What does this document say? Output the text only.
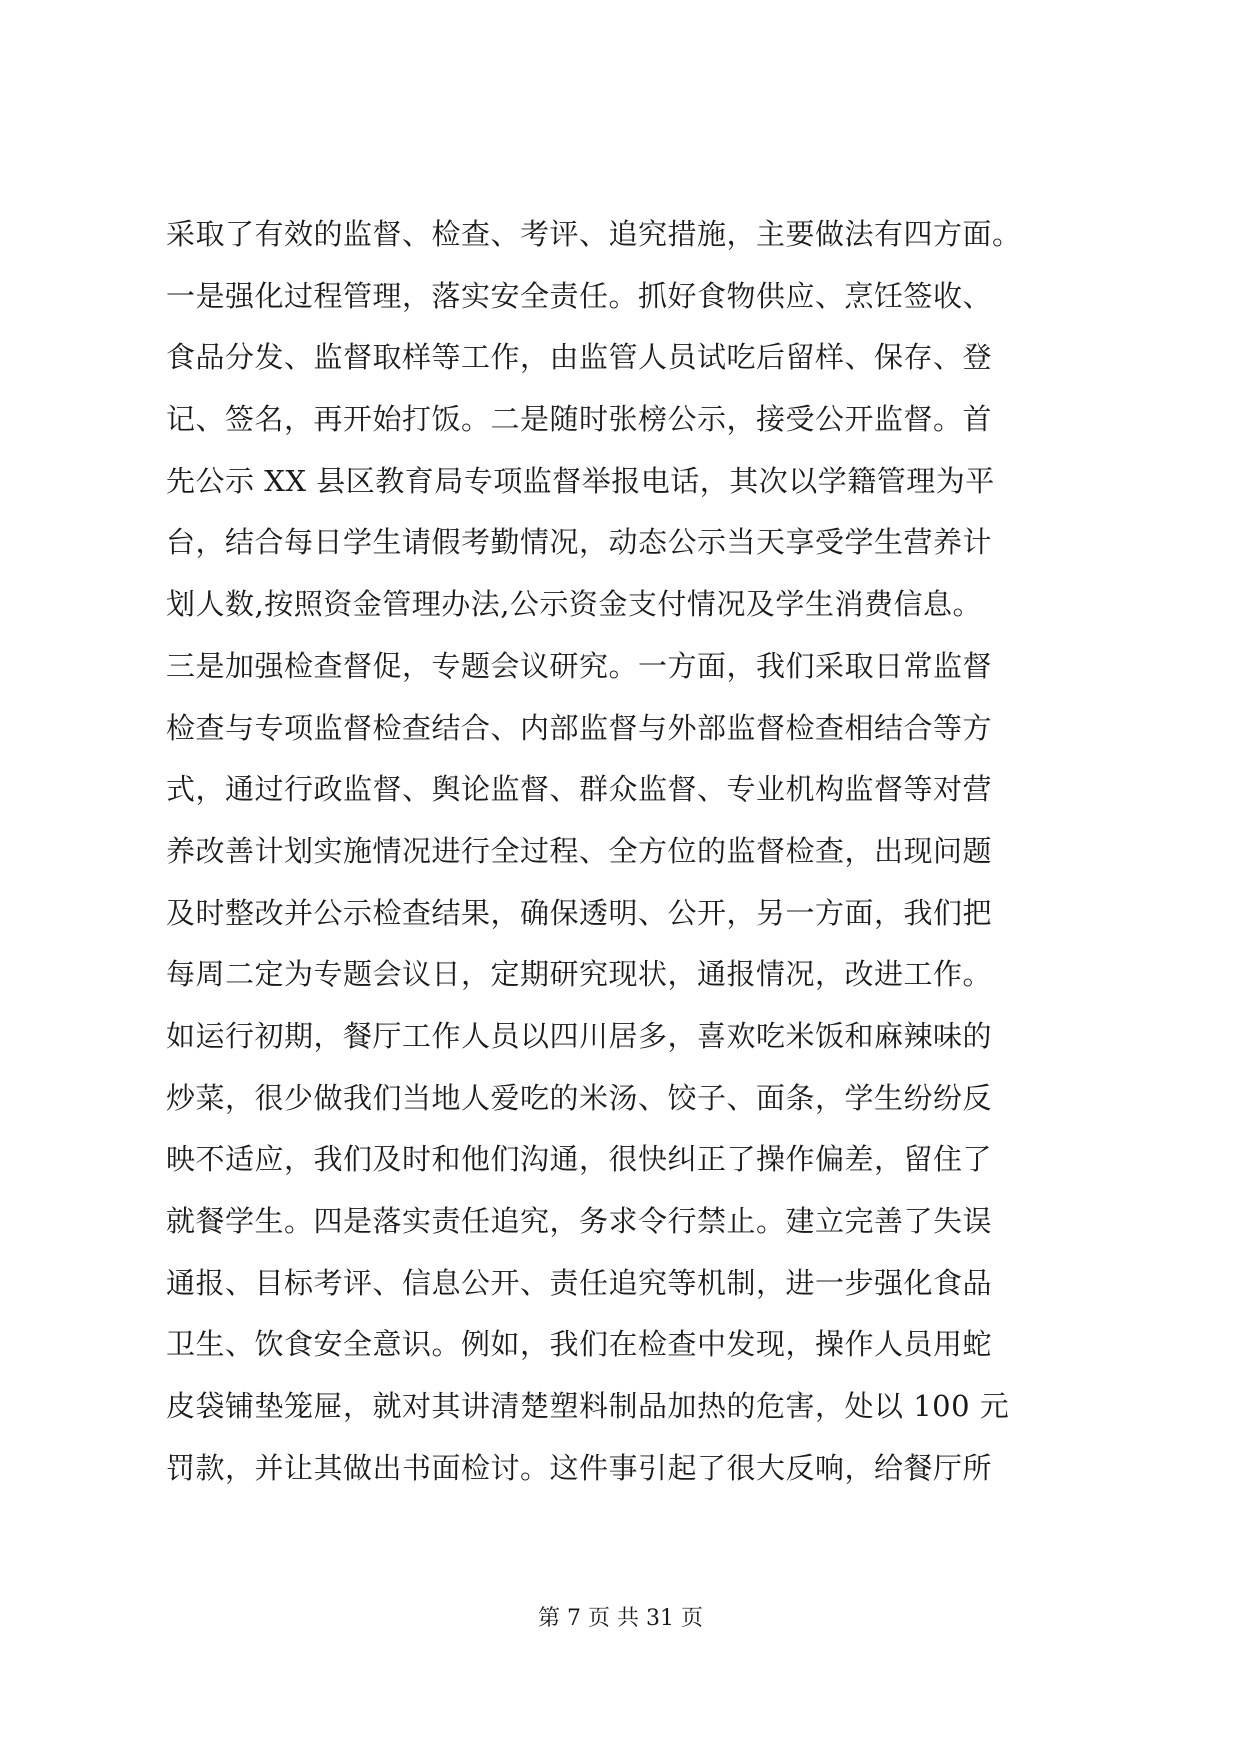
采取了有效的监督、检查、考评、追究措施，主要做法有四方面。
一是强化过程管理，落实安全责任。抓好食物供应、烹饪签收、
食品分发、监督取样等工作，由监管人员试吃后留样、保存、登
记、签名，再开始打饭。二是随时张榜公示，接受公开监督。首
先公示 XX 县区教育局专项监督举报电话，其次以学籍管理为平
台，结合每日学生请假考勤情况，动态公示当天享受学生营养计
划人数,按照资金管理办法,公示资金支付情况及学生消费信息。
三是加强检查督促，专题会议研究。一方面，我们采取日常监督
检查与专项监督检查结合、内部监督与外部监督检查相结合等方
式，通过行政监督、舆论监督、群众监督、专业机构监督等对营
养改善计划实施情况进行全过程、全方位的监督检查，出现问题
及时整改并公示检查结果，确保透明、公开，另一方面，我们把
每周二定为专题会议日，定期研究现状，通报情况，改进工作。
如运行初期，餐厅工作人员以四川居多，喜欢吃米饭和麻辣味的
炒菜，很少做我们当地人爱吃的米汤、饺子、面条，学生纷纷反
映不适应，我们及时和他们沟通，很快纠正了操作偏差，留住了
就餐学生。四是落实责任追究，务求令行禁止。建立完善了失误
通报、目标考评、信息公开、责任追究等机制，进一步强化食品
卫生、饮食安全意识。例如，我们在检查中发现，操作人员用蛇
皮袋铺垫笼屉，就对其讲清楚塑料制品加热的危害，处以 100 元
罚款，并让其做出书面检讨。这件事引起了很大反响，给餐厅所
第 7 页 共 31 页
